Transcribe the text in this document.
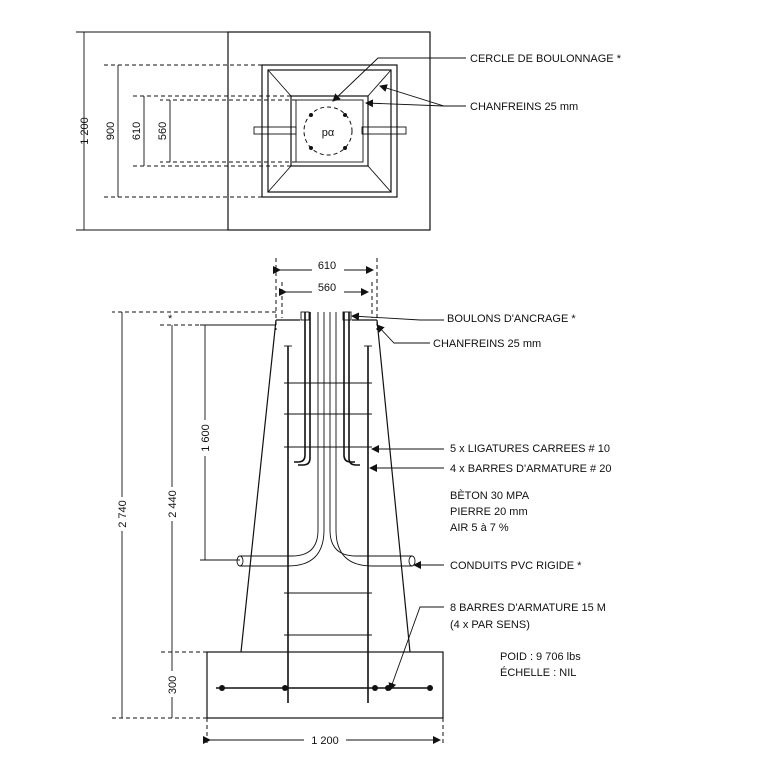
pα
1 200 900 610 560
CERCLE DE BOULONNAGE *
CHANFREINS 25 mm
610
560
*
2 740	2 440
1 600
300
1 200
BOULONS D'ANCRAGE *
CHANFREINS 25 mm
5 x LIGATURES CARREES # 10
4 x BARRES D'ARMATURE # 20
BÈTON 30 MPA
PIERRE 20 mm
AIR 5 à 7 %
CONDUITS PVC RIGIDE *
8 BARRES D'ARMATURE 15 M
(4 x PAR SENS)
POID : 9 706 lbs
ÉCHELLE : NIL
